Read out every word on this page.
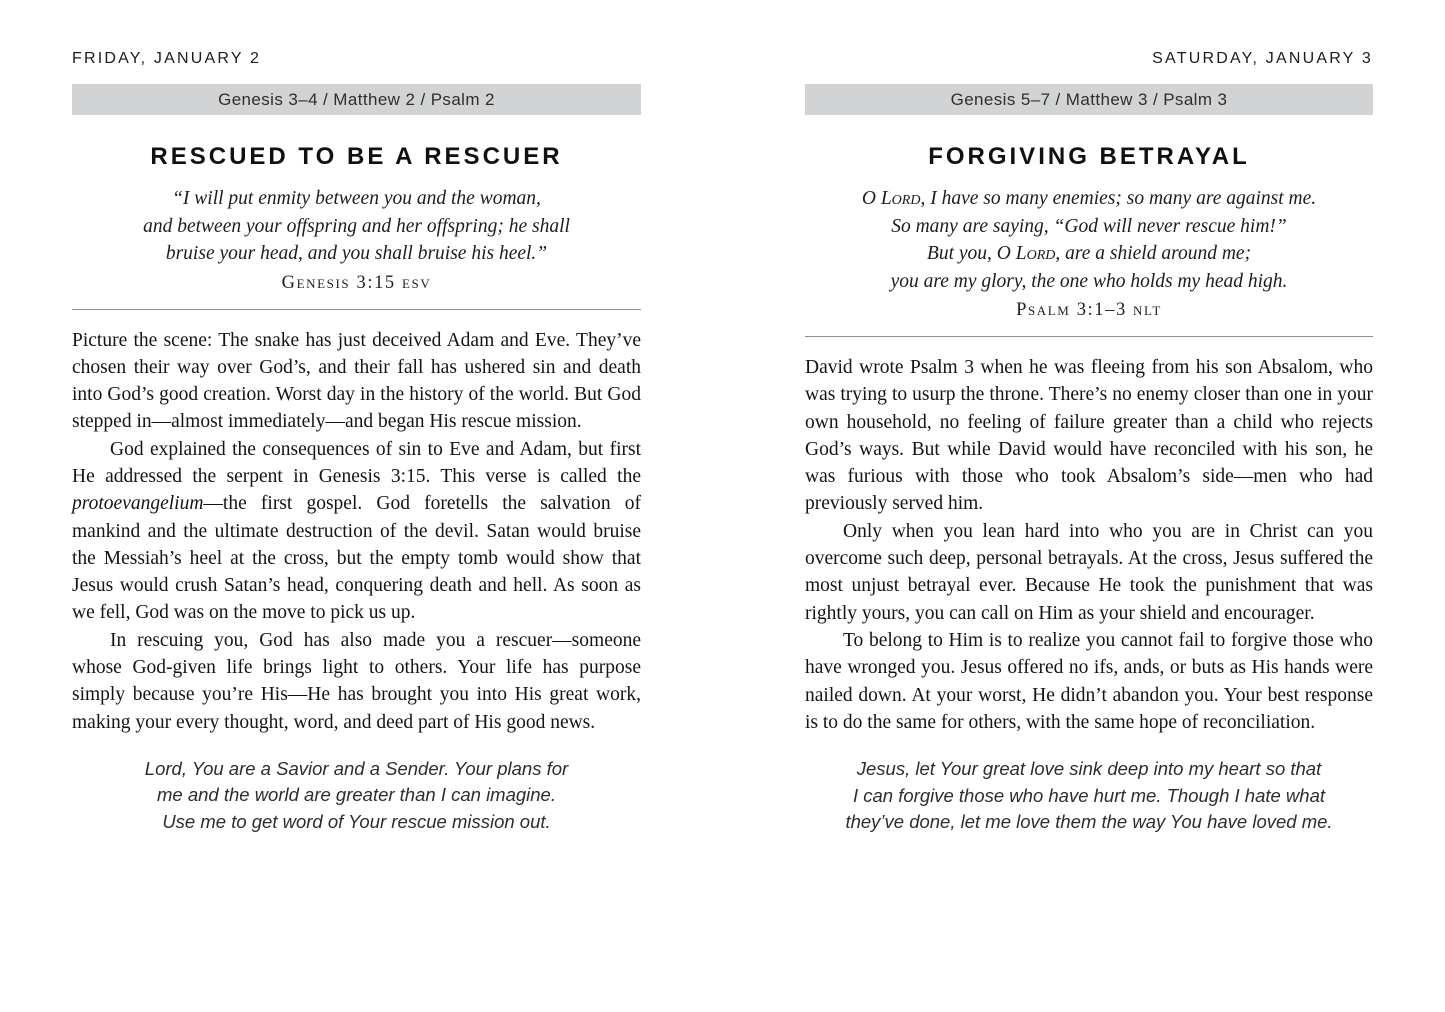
FRIDAY, JANUARY 2
Genesis 3–4 / Matthew 2 / Psalm 2
RESCUED TO BE A RESCUER
“I will put enmity between you and the woman,
and between your offspring and her offspring; he shall
bruise your head, and you shall bruise his heel.”
Genesis 3:15 esv

Picture the scene: The snake has just deceived Adam and Eve. They’ve chosen their way over God’s, and their fall has ushered sin and death into God’s good creation. Worst day in the history of the world. But God stepped in—almost immediately—and began His rescue mission.

God explained the consequences of sin to Eve and Adam, but first He addressed the serpent in Genesis 3:15. This verse is called the protoevangelium—the first gospel. God foretells the salvation of mankind and the ultimate destruction of the devil. Satan would bruise the Messiah’s heel at the cross, but the empty tomb would show that Jesus would crush Satan’s head, conquering death and hell. As soon as we fell, God was on the move to pick us up.

In rescuing you, God has also made you a rescuer—someone whose God-given life brings light to others. Your life has purpose simply because you’re His—He has brought you into His great work, making your every thought, word, and deed part of His good news.

Lord, You are a Savior and a Sender. Your plans for
me and the world are greater than I can imagine.
Use me to get word of Your rescue mission out.
SATURDAY, JANUARY 3
Genesis 5–7 / Matthew 3 / Psalm 3
FORGIVING BETRAYAL
O Lord, I have so many enemies; so many are against me.
So many are saying, “God will never rescue him!”
But you, O Lord, are a shield around me;
you are my glory, the one who holds my head high.
Psalm 3:1–3 nlt

David wrote Psalm 3 when he was fleeing from his son Absalom, who was trying to usurp the throne. There’s no enemy closer than one in your own household, no feeling of failure greater than a child who rejects God’s ways. But while David would have reconciled with his son, he was furious with those who took Absalom’s side—men who had previously served him.

Only when you lean hard into who you are in Christ can you overcome such deep, personal betrayals. At the cross, Jesus suffered the most unjust betrayal ever. Because He took the punishment that was rightly yours, you can call on Him as your shield and encourager.

To belong to Him is to realize you cannot fail to forgive those who have wronged you. Jesus offered no ifs, ands, or buts as His hands were nailed down. At your worst, He didn’t abandon you. Your best response is to do the same for others, with the same hope of reconciliation.

Jesus, let Your great love sink deep into my heart so that
I can forgive those who have hurt me. Though I hate what
they’ve done, let me love them the way You have loved me.
